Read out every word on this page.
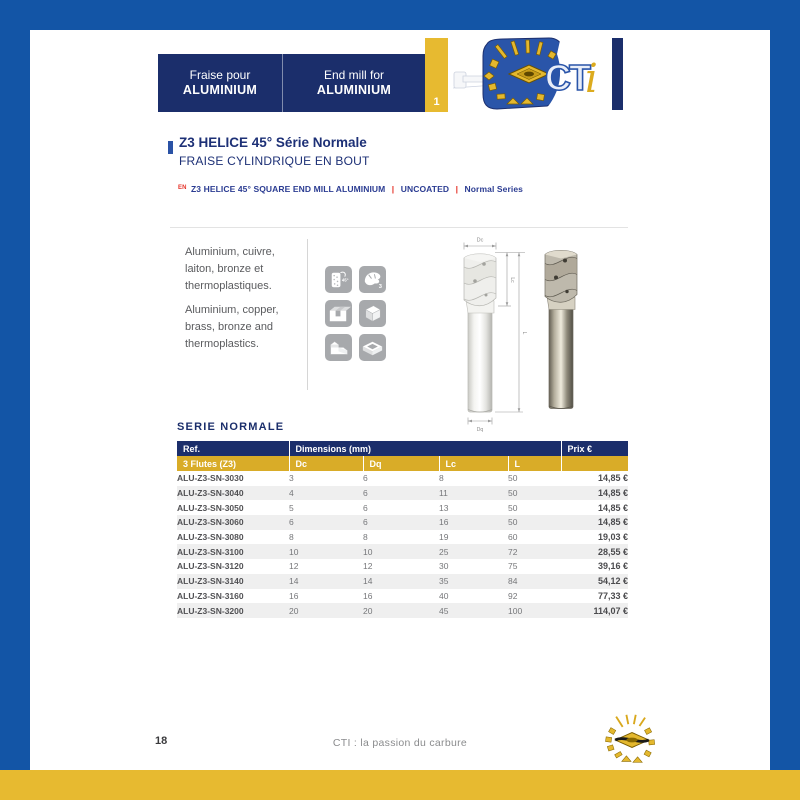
Fraise pour
ALUMINIUM
End mill for
ALUMINIUM
1
CT
i
Z3 HELICE 45° Série Normale
FRAISE CYLINDRIQUE EN BOUT
$^{EN}$ Z3 HELICE 45° SQUARE END MILL ALUMINIUM | UNCOATED | Normal Series
Aluminium, cuivre,
laiton, bronze et
thermoplastiques.
Aluminium, copper,
brass, bronze and
thermoplastics.
45°
3
Dc
Lc
L
Dq
SERIE NORMALE
Ref.	Dimensions (mm)				Prix €
3 Flutes (Z3)	Dc	Dq	Lc	L	
ALU-Z3-SN-3030	3	6	8	50	14,85 €
ALU-Z3-SN-3040	4	6	11	50	14,85 €
ALU-Z3-SN-3050	5	6	13	50	14,85 €
ALU-Z3-SN-3060	6	6	16	50	14,85 €
ALU-Z3-SN-3080	8	8	19	60	19,03 €
ALU-Z3-SN-3100	10	10	25	72	28,55 €
ALU-Z3-SN-3120	12	12	30	75	39,16 €
ALU-Z3-SN-3140	14	14	35	84	54,12 €
ALU-Z3-SN-3160	16	16	40	92	77,33 €
ALU-Z3-SN-3200	20	20	45	100	114,07 €
18	CTI : la passion du carbure
